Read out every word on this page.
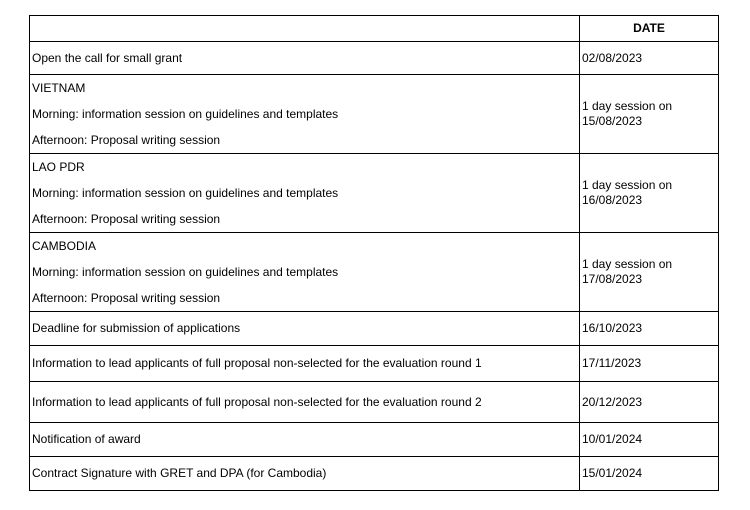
	DATE

Open the call for small grant	02/08/2023

VIETNAM
Morning: information session on guidelines and templates
Afternoon: Proposal writing session	1 day session on 15/08/2023

LAO PDR
Morning: information session on guidelines and templates
Afternoon: Proposal writing session	1 day session on 16/08/2023

CAMBODIA
Morning: information session on guidelines and templates
Afternoon: Proposal writing session	1 day session on 17/08/2023

Deadline for submission of applications	16/10/2023

Information to lead applicants of full proposal non-selected for the evaluation round 1	17/11/2023

Information to lead applicants of full proposal non-selected for the evaluation round 2	20/12/2023

Notification of award	10/01/2024

Contract Signature with GRET and DPA (for Cambodia)	15/01/2024
